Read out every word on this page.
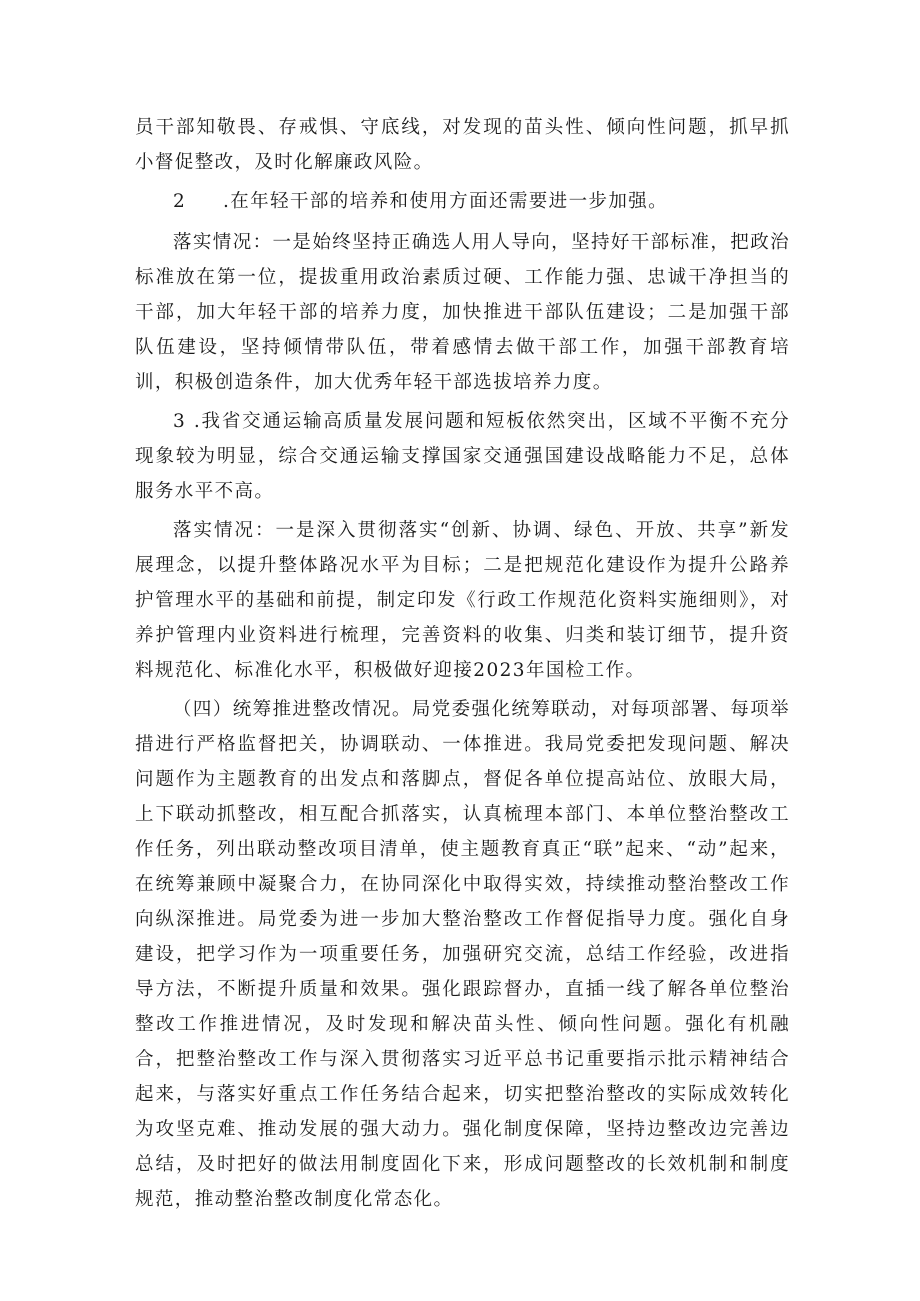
员干部知敬畏、存戒惧、守底线，对发现的苗头性、倾向性问题，抓早抓小督促整改，及时化解廉政风险。

2 .在年轻干部的培养和使用方面还需要进一步加强。

落实情况：一是始终坚持正确选人用人导向，坚持好干部标准，把政治标准放在第一位，提拔重用政治素质过硬、工作能力强、忠诚干净担当的干部，加大年轻干部的培养力度，加快推进干部队伍建设；二是加强干部队伍建设，坚持倾情带队伍，带着感情去做干部工作，加强干部教育培训，积极创造条件，加大优秀年轻干部选拔培养力度。

3 .我省交通运输高质量发展问题和短板依然突出，区域不平衡不充分现象较为明显，综合交通运输支撑国家交通强国建设战略能力不足，总体服务水平不高。

落实情况：一是深入贯彻落实“创新、协调、绿色、开放、共享”新发展理念，以提升整体路况水平为目标；二是把规范化建设作为提升公路养护管理水平的基础和前提，制定印发《行政工作规范化资料实施细则》，对养护管理内业资料进行梳理，完善资料的收集、归类和装订细节，提升资料规范化、标准化水平，积极做好迎接2023年国检工作。

（四）统筹推进整改情况。局党委强化统筹联动，对每项部署、每项举措进行严格监督把关，协调联动、一体推进。我局党委把发现问题、解决问题作为主题教育的出发点和落脚点，督促各单位提高站位、放眼大局，上下联动抓整改，相互配合抓落实，认真梳理本部门、本单位整治整改工作任务，列出联动整改项目清单，使主题教育真正“联”起来、“动”起来，在统筹兼顾中凝聚合力，在协同深化中取得实效，持续推动整治整改工作向纵深推进。局党委为进一步加大整治整改工作督促指导力度。强化自身建设，把学习作为一项重要任务，加强研究交流，总结工作经验，改进指导方法，不断提升质量和效果。强化跟踪督办，直插一线了解各单位整治整改工作推进情况，及时发现和解决苗头性、倾向性问题。强化有机融合，把整治整改工作与深入贯彻落实习近平总书记重要指示批示精神结合起来，与落实好重点工作任务结合起来，切实把整治整改的实际成效转化为攻坚克难、推动发展的强大动力。强化制度保障，坚持边整改边完善边总结，及时把好的做法用制度固化下来，形成问题整改的长效机制和制度规范，推动整治整改制度化常态化。
